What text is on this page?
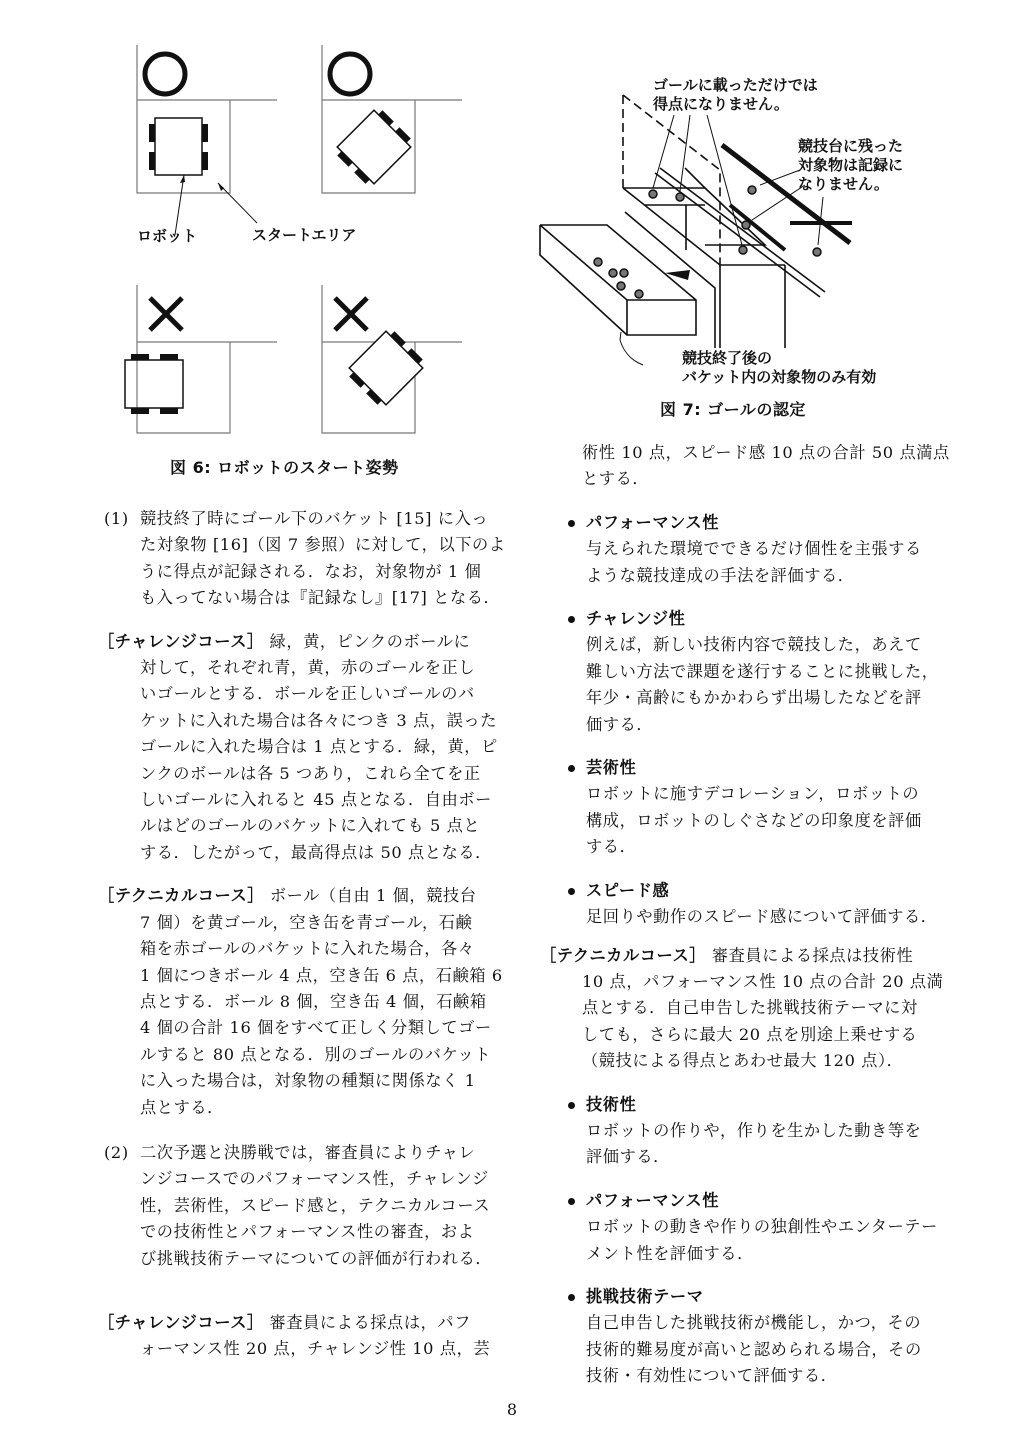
ロボット	スタートエリア
図 6: ロボットのスタート姿勢
ゴールに載っただけでは
得点になりません。
競技台に残った
対象物は記録に
なりません。
競技終了後の
バケット内の対象物のみ有効
図 7: ゴールの認定
(1) 競技終了時にゴール下のバケット [15] に入っ
た対象物 [16]（図 7 参照）に対して，以下のよ
うに得点が記録される．なお，対象物が 1 個
も入ってない場合は『記録なし』[17] となる．
［チャレンジコース］ 緑，黄，ピンクのボールに
対して，それぞれ青，黄，赤のゴールを正し
いゴールとする．ボールを正しいゴールのバ
ケットに入れた場合は各々につき 3 点，誤った
ゴールに入れた場合は 1 点とする．緑，黄，ピ
ンクのボールは各 5 つあり，これら全てを正
しいゴールに入れると 45 点となる．自由ボー
ルはどのゴールのバケットに入れても 5 点と
する．したがって，最高得点は 50 点となる．
［テクニカルコース］ ボール（自由 1 個，競技台
7 個）を黄ゴール，空き缶を青ゴール，石鹸
箱を赤ゴールのバケットに入れた場合，各々
1 個につきボール 4 点，空き缶 6 点，石鹸箱 6
点とする．ボール 8 個，空き缶 4 個，石鹸箱
4 個の合計 16 個をすべて正しく分類してゴー
ルすると 80 点となる．別のゴールのバケット
に入った場合は，対象物の種類に関係なく 1
点とする．
(2) 二次予選と決勝戦では，審査員によりチャレ
ンジコースでのパフォーマンス性，チャレンジ
性，芸術性，スピード感と，テクニカルコース
での技術性とパフォーマンス性の審査，およ
び挑戦技術テーマについての評価が行われる．
［チャレンジコース］ 審査員による採点は，パフ
ォーマンス性 20 点，チャレンジ性 10 点，芸
術性 10 点，スピード感 10 点の合計 50 点満点
とする．
パフォーマンス性
与えられた環境でできるだけ個性を主張する
ような競技達成の手法を評価する．
チャレンジ性
例えば，新しい技術内容で競技した，あえて
難しい方法で課題を遂行することに挑戦した，
年少・高齢にもかかわらず出場したなどを評
価する．
芸術性
ロボットに施すデコレーション，ロボットの
構成，ロボットのしぐさなどの印象度を評価
する．
スピード感
足回りや動作のスピード感について評価する．
［テクニカルコース］ 審査員による採点は技術性
10 点，パフォーマンス性 10 点の合計 20 点満
点とする．自己申告した挑戦技術テーマに対
しても，さらに最大 20 点を別途上乗せする
（競技による得点とあわせ最大 120 点）．
技術性
ロボットの作りや，作りを生かした動き等を
評価する．
パフォーマンス性
ロボットの動きや作りの独創性やエンターテー
メント性を評価する．
挑戦技術テーマ
自己申告した挑戦技術が機能し，かつ，その
技術的難易度が高いと認められる場合，その
技術・有効性について評価する．
8
